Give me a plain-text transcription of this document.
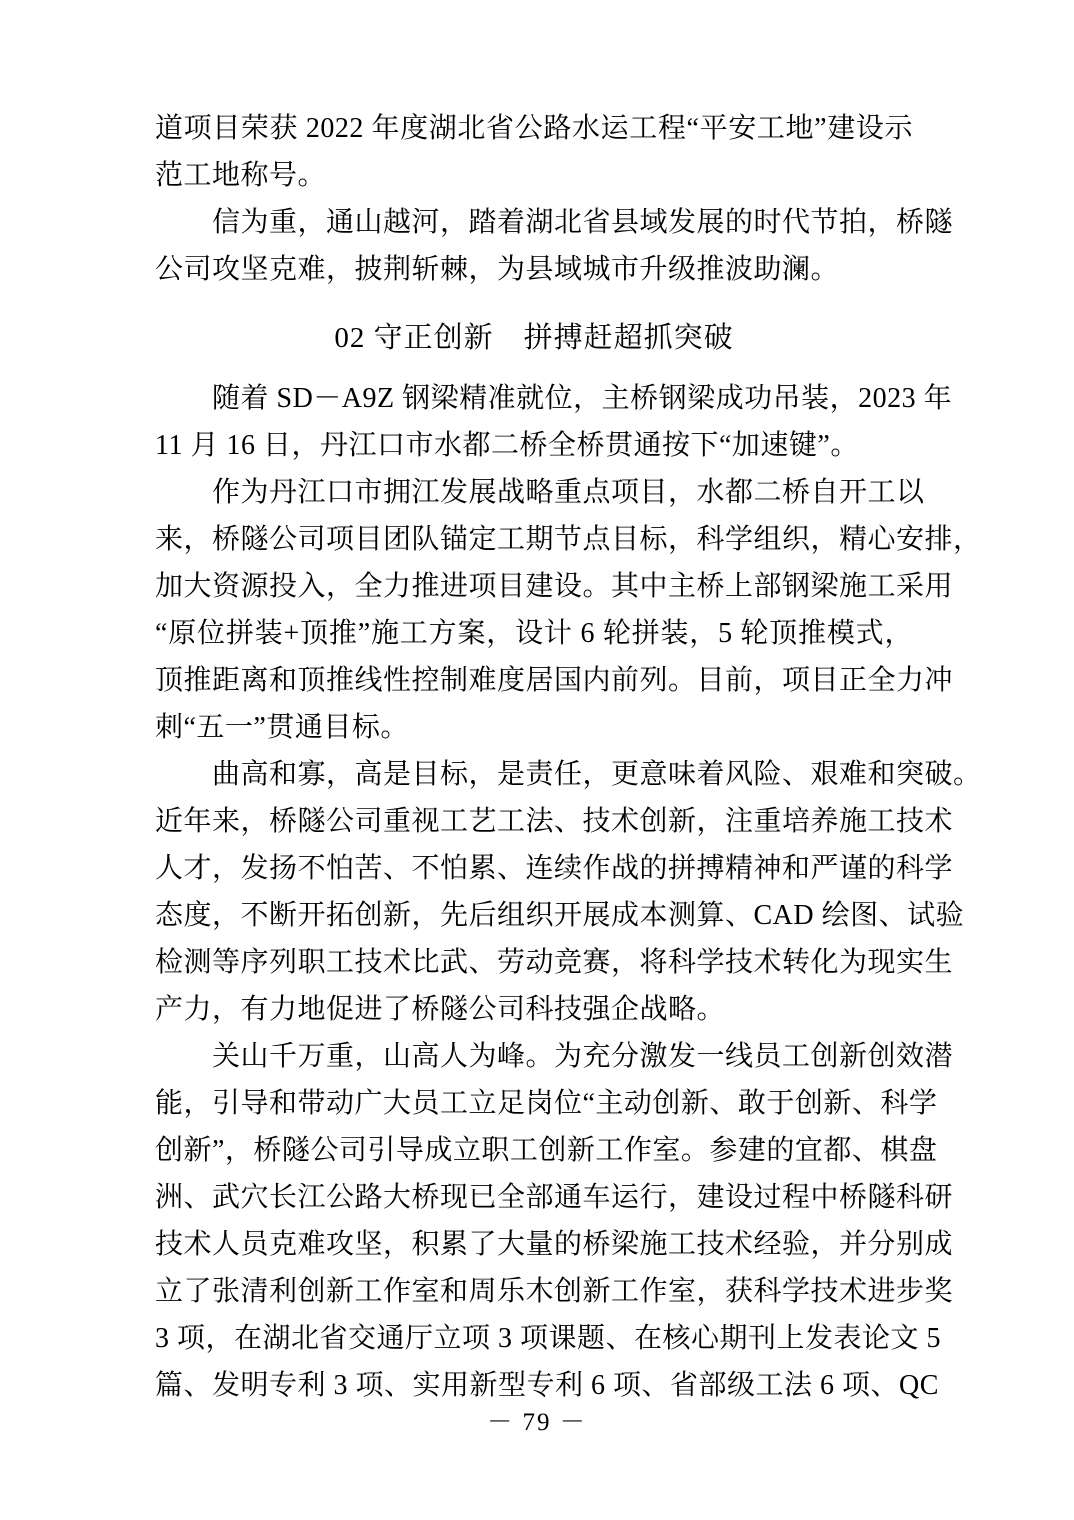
道项目荣获 2022 年度湖北省公路水运工程“平安工地”建设示
范工地称号。
信为重，通山越河，踏着湖北省县域发展的时代节拍，桥隧
公司攻坚克难，披荆斩棘，为县域城市升级推波助澜。
02 守正创新　拼搏赶超抓突破
随着 SD－A9Z 钢梁精准就位，主桥钢梁成功吊装，2023 年
11 月 16 日，丹江口市水都二桥全桥贯通按下“加速键”。
作为丹江口市拥江发展战略重点项目，水都二桥自开工以
来，桥隧公司项目团队锚定工期节点目标，科学组织，精心安排，
加大资源投入，全力推进项目建设。其中主桥上部钢梁施工采用
“原位拼装+顶推”施工方案，设计 6 轮拼装，5 轮顶推模式，
顶推距离和顶推线性控制难度居国内前列。目前，项目正全力冲
刺“五一”贯通目标。
曲高和寡，高是目标，是责任，更意味着风险、艰难和突破。
近年来，桥隧公司重视工艺工法、技术创新，注重培养施工技术
人才，发扬不怕苦、不怕累、连续作战的拼搏精神和严谨的科学
态度，不断开拓创新，先后组织开展成本测算、CAD 绘图、试验
检测等序列职工技术比武、劳动竞赛，将科学技术转化为现实生
产力，有力地促进了桥隧公司科技强企战略。
关山千万重，山高人为峰。为充分激发一线员工创新创效潜
能，引导和带动广大员工立足岗位“主动创新、敢于创新、科学
创新”，桥隧公司引导成立职工创新工作室。参建的宜都、棋盘
洲、武穴长江公路大桥现已全部通车运行，建设过程中桥隧科研
技术人员克难攻坚，积累了大量的桥梁施工技术经验，并分别成
立了张清利创新工作室和周乐木创新工作室，获科学技术进步奖
3 项，在湖北省交通厅立项 3 项课题、在核心期刊上发表论文 5
篇、发明专利 3 项、实用新型专利 6 项、省部级工法 6 项、QC
－ 79 －
